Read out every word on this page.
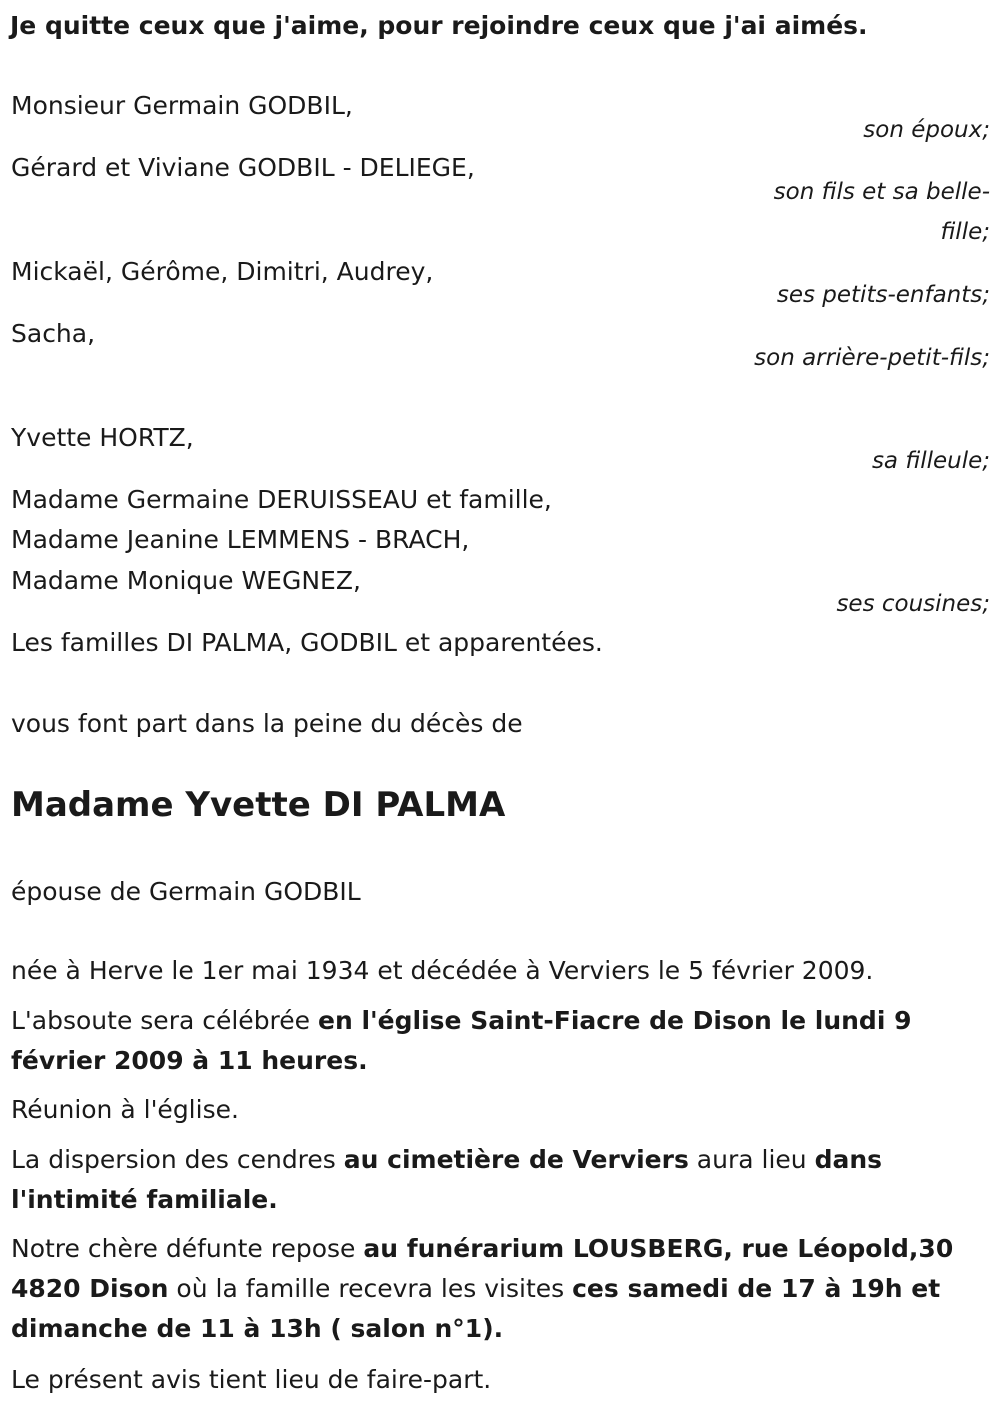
Je quitte ceux que j'aime, pour rejoindre ceux que j'ai aimés.

Monsieur Germain GODBIL,
son époux;
Gérard et Viviane GODBIL - DELIEGE,
son fils et sa belle-fille;
Mickaël, Gérôme, Dimitri, Audrey,
ses petits-enfants;
Sacha,
son arrière-petit-fils;
Yvette HORTZ,
sa filleule;
Madame Germaine DERUISSEAU et famille,
Madame Jeanine LEMMENS - BRACH,
Madame Monique WEGNEZ,
ses cousines;
Les familles DI PALMA, GODBIL et apparentées.
vous font part dans la peine du décès de
Madame Yvette DI PALMA
épouse de Germain GODBIL
née à Herve le 1er mai 1934 et décédée à Verviers le 5 février 2009.
L'absoute sera célébrée en l'église Saint-Fiacre de Dison le lundi 9 février 2009 à 11 heures.
Réunion à l'église.
La dispersion des cendres au cimetière de Verviers aura lieu dans l'intimité familiale.
Notre chère défunte repose au funérarium LOUSBERG, rue Léopold,30 4820 Dison où la famille recevra les visites ces samedi de 17 à 19h et dimanche de 11 à 13h ( salon n°1).
Le présent avis tient lieu de faire-part.
